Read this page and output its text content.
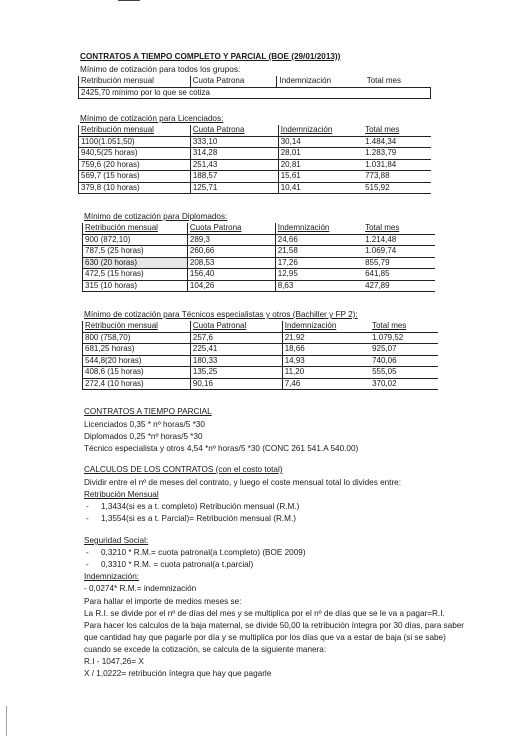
CONTRATOS A TIEMPO COMPLETO Y PARCIAL (BOE (29/01/2013))
Mínimo de cotización para todos los grupos:
Retribución mensual	Cuota Patrona	Indemnización	Total mes
2425,70 mínimo por lo que se cotiza
Mínimo de cotización para Licenciados:
Retribución mensual	Cuota Patrona	Indemnización	Total mes
1100(1.051,50)	333,10	30,14	1.484,34
940,5(25 horas)	314,28	28,01	1.283,79
759,6 (20 horas)	251,43	20,81	1.031,84
569,7 (15 horas)	188,57	15,61	773,88
379,8 (10 horas)	125,71	10,41	515,92
Mínimo de cotización para Diplomados:
Retribución mensual	Cuota Patrona	Indemnización	Total mes
900 (872,10)	289,3	24,66	1.214,48
787,5 (25 horas)	260,66	21,58	1.069,74
630 (20 horas)	208,53	17,26	855,79
472,5 (15 horas)	156,40	12,95	641,85
315 (10 horas)	104,26	8,63	427,89
Mínimo de cotización para Técnicos especialistas y otros (Bachiller y FP 2):
Retribución mensual	Cuota Patronal	Indemnización	Total mes
800 (758,70)	257,6	21,92	1.079,52
681,25 horas)	225,41	18,66	925,07
544,8(20 horas)	180,33	14,93	740,06
408,6 (15 horas)	135,25	11,20	555,05
272,4 (10 horas)	90,16	7,46	370,02
CONTRATOS A TIEMPO PARCIAL
Licenciados 0,35 * nº horas/5 *30
Diplomados 0,25 *nº horas/5 *30
Técnico especialista y otros 4,54 *nº horas/5 *30 (CONC 261 541.A 540.00)
CALCULOS DE LOS CONTRATOS (con el costo total)
Dividir entre el nº de meses del contrato, y luego el coste mensual total lo divides entre:
Retribución Mensual
- 1,3434(si es a t. completo) Retribución mensual (R.M.)
- 1,3554(si es a t. Parcial)= Retribución mensual (R.M.)
Seguridad Social:
- 0,3210 * R.M.= cuota patronal(a t.completo) (BOE 2009)
- 0,3310 * R.M. = cuota patronal(a t.parcial)
Indemnización:
- 0,0274* R.M.= indemnización
Para hallar el importe de medios meses se:
La R.I. se divide por el nº de días del mes y se multiplica por el nº de días que se le va a pagar=R.I.
Para hacer los calculos de la baja maternal, se divide 50,00 la retribución íntegra por 30 días, para saber
que cantidad hay que pagarle por día y se multiplica por los días que va a estar de baja (si se sabe)
cuando se excede la cotización, se calcula de la siguiente manera:
R.I - 1047,26= X
X / 1,0222= retribución íntegra que hay que pagarle
